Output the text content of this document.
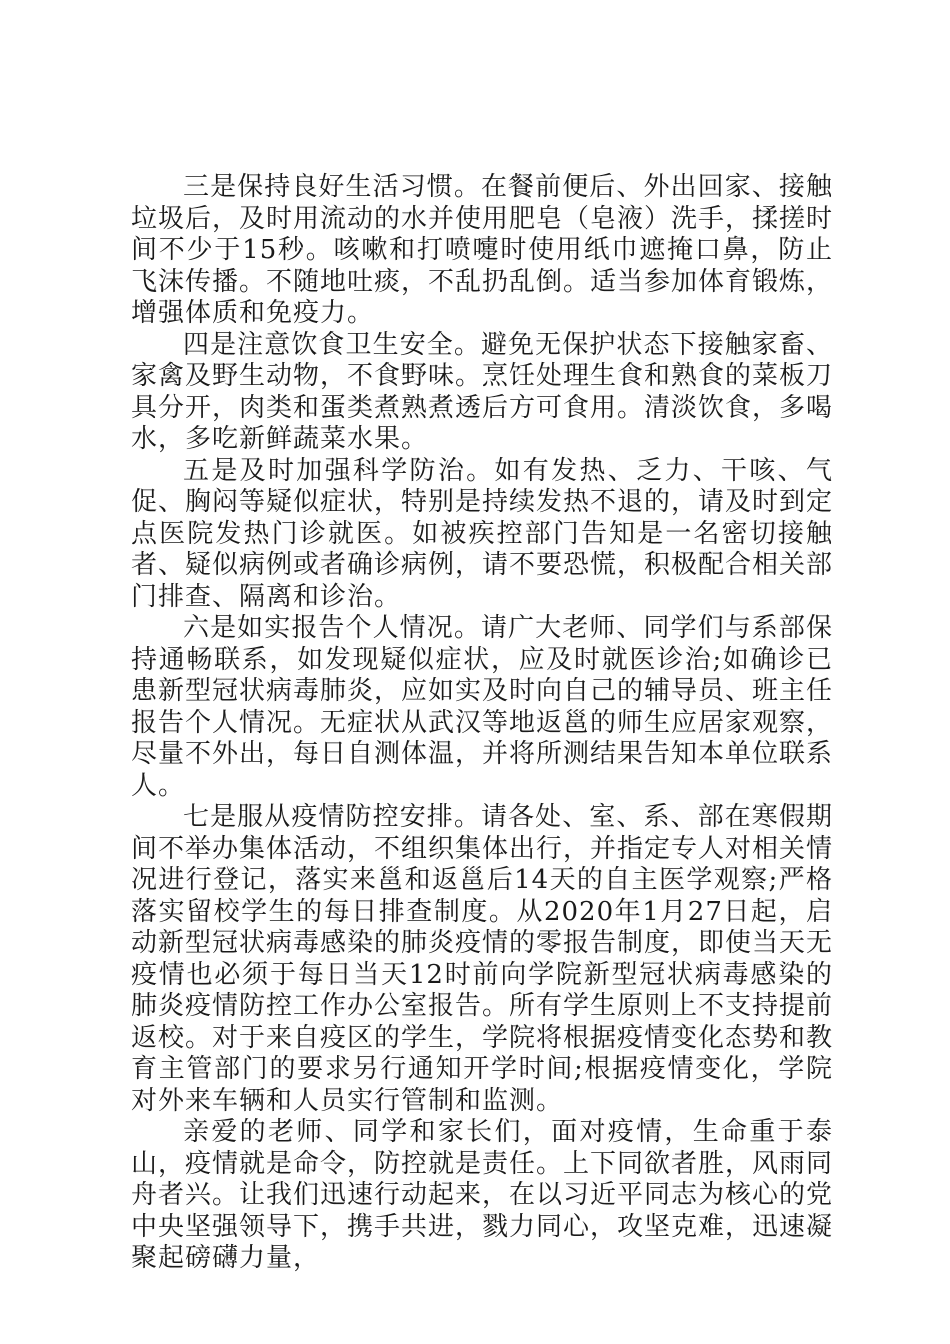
三是保持良好生活习惯。在餐前便后、外出回家、接触垃圾后，及时用流动的水并使用肥皂（皂液）洗手，揉搓时间不少于15秒。咳嗽和打喷嚏时使用纸巾遮掩口鼻，防止飞沫传播。不随地吐痰，不乱扔乱倒。适当参加体育锻炼，增强体质和免疫力。

四是注意饮食卫生安全。避免无保护状态下接触家畜、家禽及野生动物，不食野味。烹饪处理生食和熟食的菜板刀具分开，肉类和蛋类煮熟煮透后方可食用。清淡饮食，多喝水，多吃新鲜蔬菜水果。

五是及时加强科学防治。如有发热、乏力、干咳、气促、胸闷等疑似症状，特别是持续发热不退的，请及时到定点医院发热门诊就医。如被疾控部门告知是一名密切接触者、疑似病例或者确诊病例，请不要恐慌，积极配合相关部门排查、隔离和诊治。

六是如实报告个人情况。请广大老师、同学们与系部保持通畅联系，如发现疑似症状，应及时就医诊治;如确诊已患新型冠状病毒肺炎，应如实及时向自己的辅导员、班主任报告个人情况。无症状从武汉等地返邕的师生应居家观察，尽量不外出，每日自测体温，并将所测结果告知本单位联系人。

七是服从疫情防控安排。请各处、室、系、部在寒假期间不举办集体活动，不组织集体出行，并指定专人对相关情况进行登记，落实来邕和返邕后14天的自主医学观察;严格落实留校学生的每日排查制度。从2020年1月27日起，启动新型冠状病毒感染的肺炎疫情的零报告制度，即使当天无疫情也必须于每日当天12时前向学院新型冠状病毒感染的肺炎疫情防控工作办公室报告。所有学生原则上不支持提前返校。对于来自疫区的学生，学院将根据疫情变化态势和教育主管部门的要求另行通知开学时间;根据疫情变化，学院对外来车辆和人员实行管制和监测。

亲爱的老师、同学和家长们，面对疫情，生命重于泰山，疫情就是命令，防控就是责任。上下同欲者胜，风雨同舟者兴。让我们迅速行动起来，在以习近平同志为核心的党中央坚强领导下，携手共进，戮力同心，攻坚克难，迅速凝聚起磅礴力量，
